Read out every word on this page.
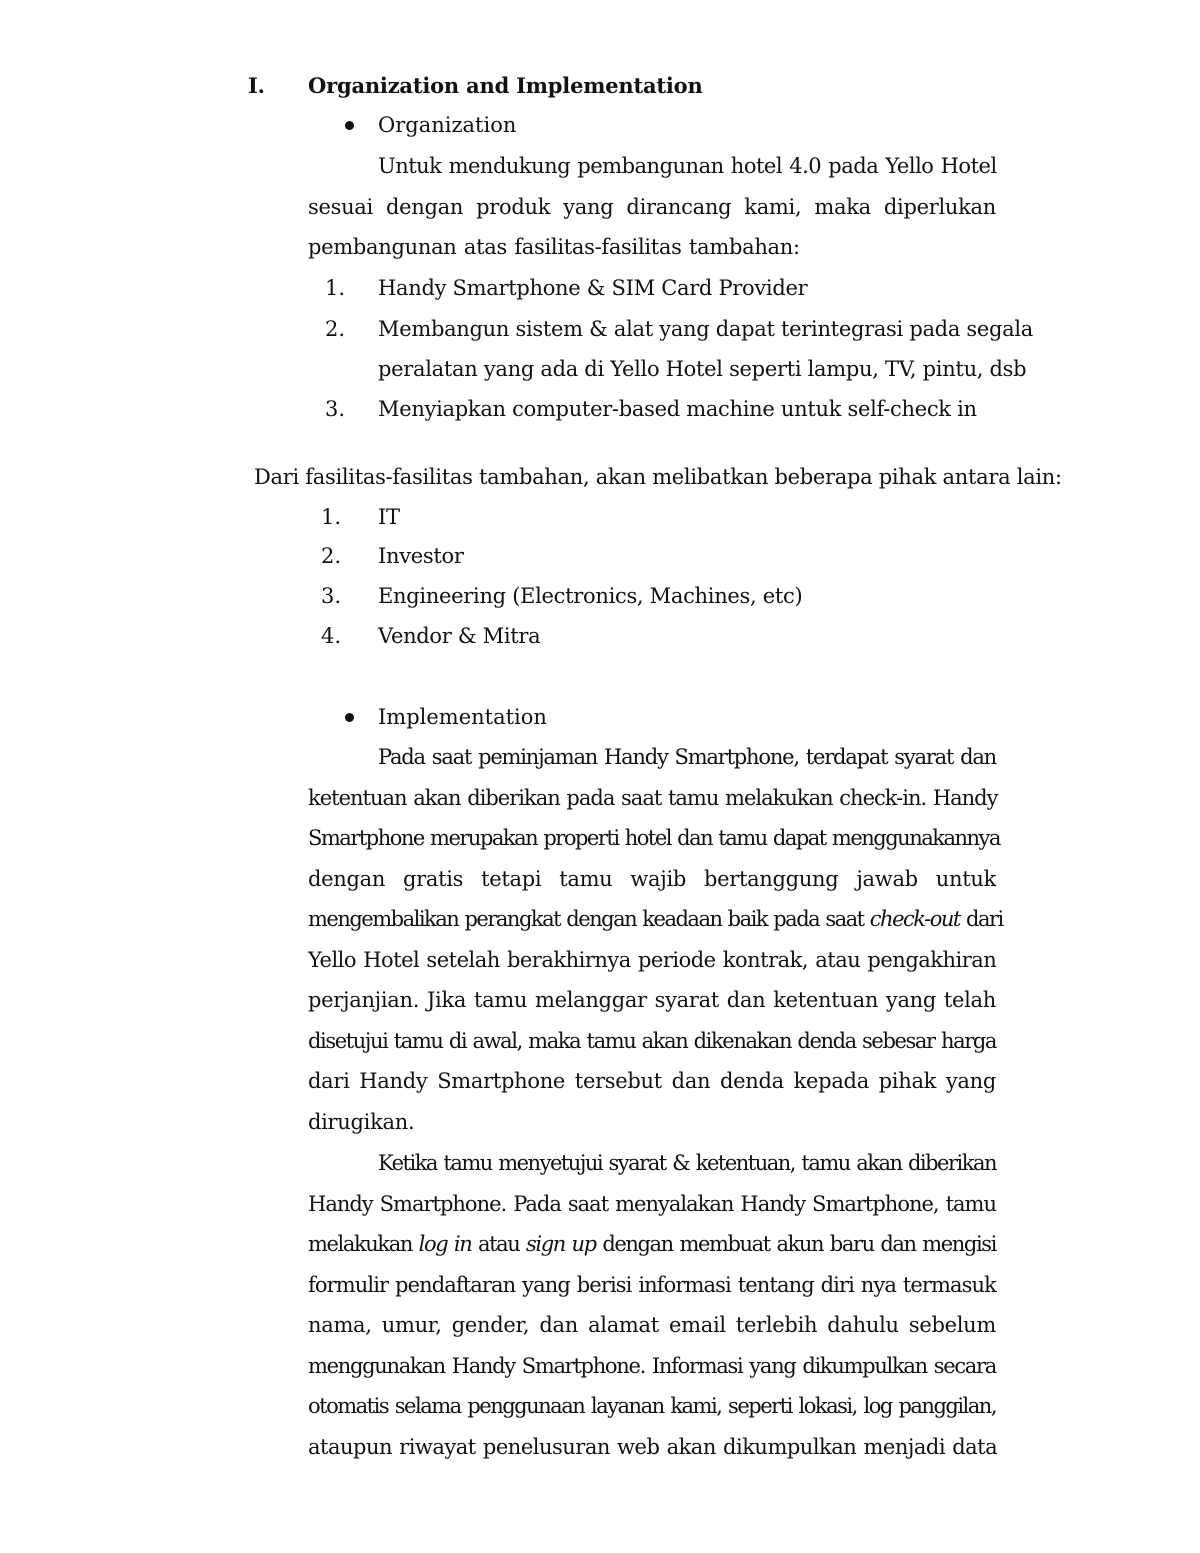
I. Organization and Implementation
Organization
Untuk mendukung pembangunan hotel 4.0 pada Yello Hotel
sesuai dengan produk yang dirancang kami, maka diperlukan
pembangunan atas fasilitas-fasilitas tambahan:
1. Handy Smartphone & SIM Card Provider
2. Membangun sistem & alat yang dapat terintegrasi pada segala
peralatan yang ada di Yello Hotel seperti lampu, TV, pintu, dsb
3. Menyiapkan computer-based machine untuk self-check in
Dari fasilitas-fasilitas tambahan, akan melibatkan beberapa pihak antara lain:
1. IT
2. Investor
3. Engineering (Electronics, Machines, etc)
4. Vendor & Mitra
Implementation
Pada saat peminjaman Handy Smartphone, terdapat syarat dan
ketentuan akan diberikan pada saat tamu melakukan check-in. Handy
Smartphone merupakan properti hotel dan tamu dapat menggunakannya
dengan gratis tetapi tamu wajib bertanggung jawab untuk
mengembalikan perangkat dengan keadaan baik pada saat check-out dari
Yello Hotel setelah berakhirnya periode kontrak, atau pengakhiran
perjanjian. Jika tamu melanggar syarat dan ketentuan yang telah
disetujui tamu di awal, maka tamu akan dikenakan denda sebesar harga
dari Handy Smartphone tersebut dan denda kepada pihak yang
dirugikan.
Ketika tamu menyetujui syarat & ketentuan, tamu akan diberikan
Handy Smartphone. Pada saat menyalakan Handy Smartphone, tamu
melakukan log in atau sign up dengan membuat akun baru dan mengisi
formulir pendaftaran yang berisi informasi tentang diri nya termasuk
nama, umur, gender, dan alamat email terlebih dahulu sebelum
menggunakan Handy Smartphone. Informasi yang dikumpulkan secara
otomatis selama penggunaan layanan kami, seperti lokasi, log panggilan,
ataupun riwayat penelusuran web akan dikumpulkan menjadi data
